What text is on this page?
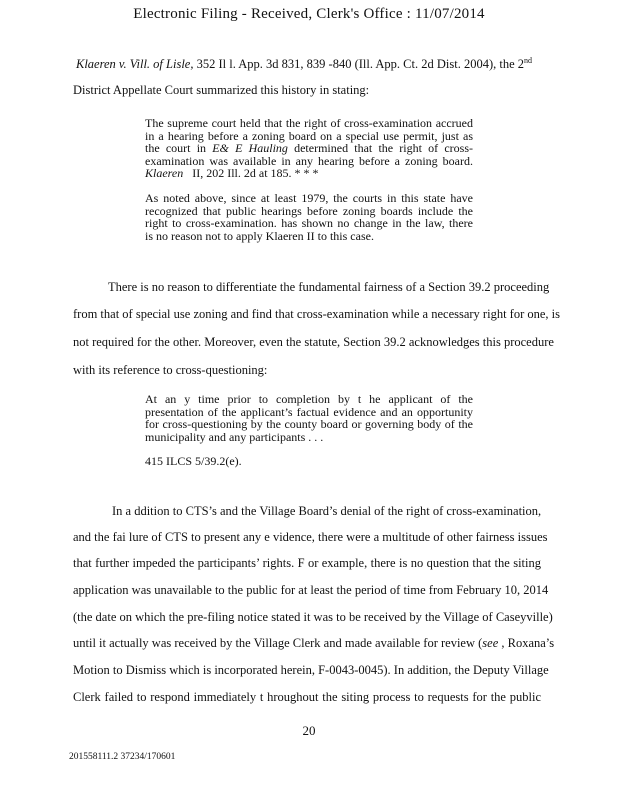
Electronic Filing - Received, Clerk's Office : 11/07/2014
Klaeren v. Vill. of Lisle, 352 Il l. App. 3d 831, 839 -840 (Ill. App. Ct. 2d Dist. 2004), the 2nd
District Appellate Court summarized this history in stating:
The supreme court held that the right of cross-examination accrued
in a hearing before a zoning board on a special use permit, just as
the court in E& E Hauling determined that the right of cross-
examination was available in any hearing before a zoning board.
Klaeren II, 202 Ill. 2d at 185. * * *
As noted above, since at least 1979, the courts in this state have
recognized that public hearings before zoning boards include the
right to cross-examination. has shown no change in the law, there
is no reason not to apply Klaeren II to this case.
There is no reason to differentiate the fundamental fairness of a Section 39.2 proceeding
from that of special use zoning and find that cross-examination while a necessary right for one, is
not required for the other. Moreover, even the statute, Section 39.2 acknowledges this procedure
with its reference to cross-questioning:
At an y time prior to completion by t he applicant of the
presentation of the applicant’s factual evidence and an opportunity
for cross-questioning by the county board or governing body of the
municipality and any participants . . .
415 ILCS 5/39.2(e).
In a ddition to CTS’s and the Village Board’s denial of the right of cross-examination,
and the fai lure of CTS to present any e vidence, there were a multitude of other fairness issues
that further impeded the participants’ rights. F or example, there is no question that the siting
application was unavailable to the public for at least the period of time from February 10, 2014
(the date on which the pre-filing notice stated it was to be received by the Village of Caseyville)
until it actually was received by the Village Clerk and made available for review (see , Roxana’s
Motion to Dismiss which is incorporated herein, F-0043-0045). In addition, the Deputy Village
Clerk failed to respond immediately t hroughout the siting process to requests for the public
20
201558111.2 37234/170601
